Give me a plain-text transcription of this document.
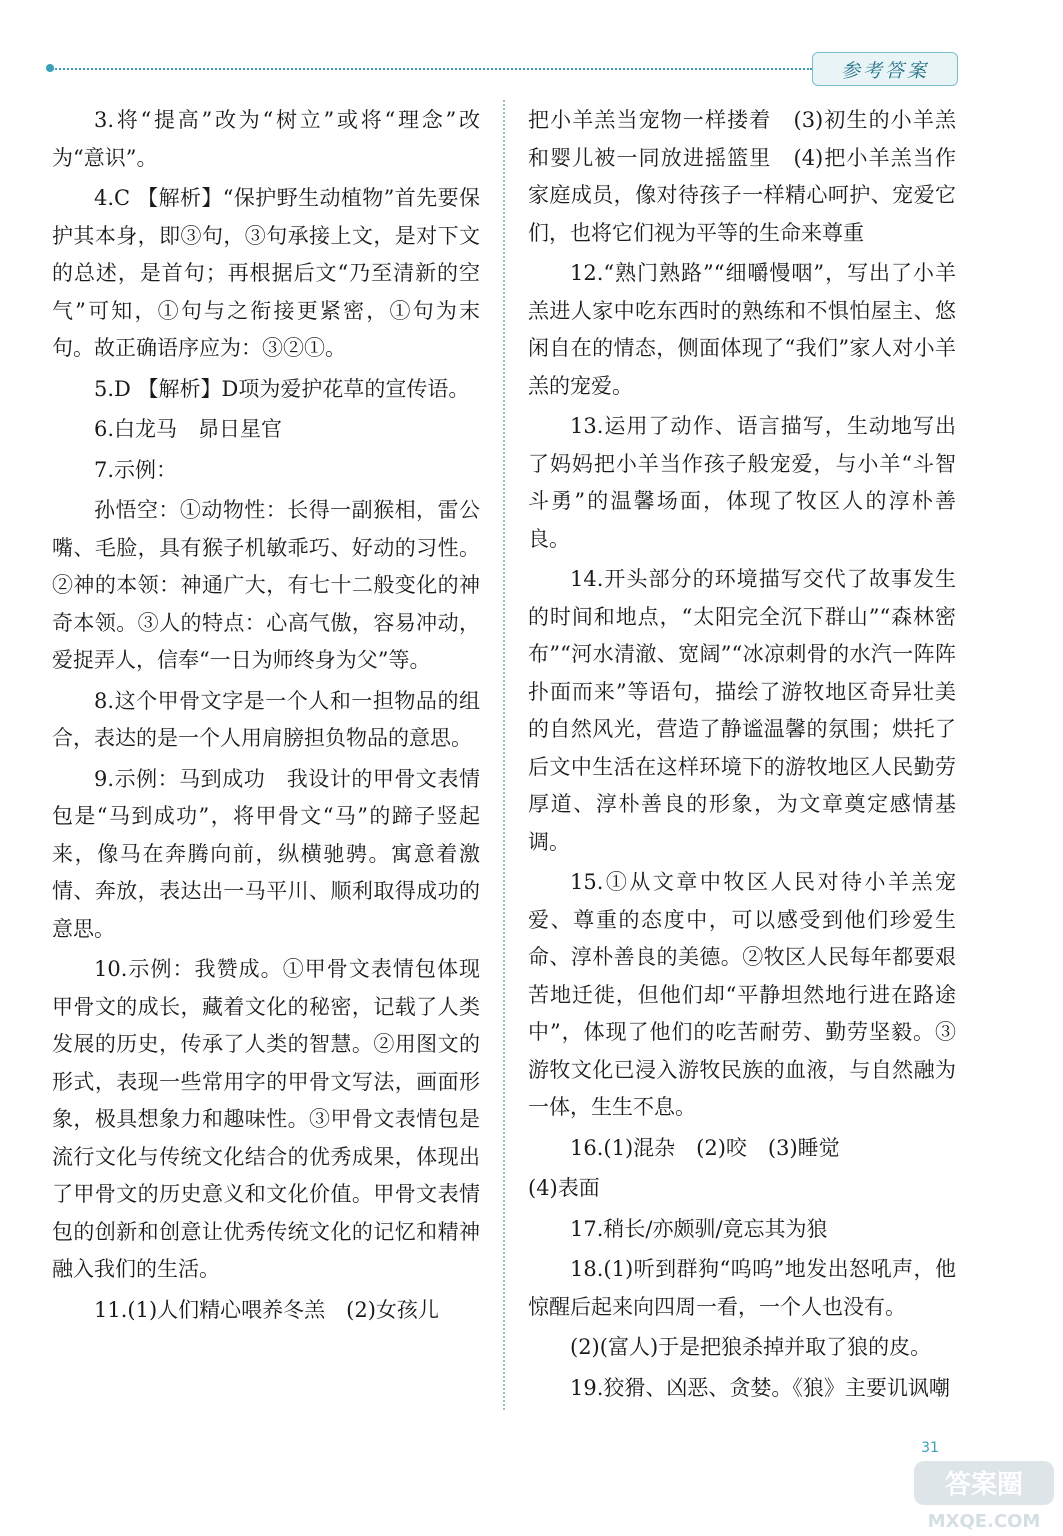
参考答案

3.将“提高”改为“树立”或将“理念”改为“意识”。

4.C 【解析】“保护野生动植物”首先要保护其本身，即③句，③句承接上文，是对下文的总述，是首句；再根据后文“乃至清新的空气”可知，①句与之衔接更紧密，①句为末句。故正确语序应为：③②①。

5.D 【解析】D项为爱护花草的宣传语。

6.白龙马　昴日星官

7.示例：

孙悟空：①动物性：长得一副猴相，雷公嘴、毛脸，具有猴子机敏乖巧、好动的习性。②神的本领：神通广大，有七十二般变化的神奇本领。③人的特点：心高气傲，容易冲动，爱捉弄人，信奉“一日为师终身为父”等。

8.这个甲骨文字是一个人和一担物品的组合，表达的是一个人用肩膀担负物品的意思。

9.示例：马到成功　我设计的甲骨文表情包是“马到成功”，将甲骨文“马”的蹄子竖起来，像马在奔腾向前，纵横驰骋。寓意着激情、奔放，表达出一马平川、顺利取得成功的意思。

10.示例：我赞成。①甲骨文表情包体现甲骨文的成长，藏着文化的秘密，记载了人类发展的历史，传承了人类的智慧。②用图文的形式，表现一些常用字的甲骨文写法，画面形象，极具想象力和趣味性。③甲骨文表情包是流行文化与传统文化结合的优秀成果，体现出了甲骨文的历史意义和文化价值。甲骨文表情包的创新和创意让优秀传统文化的记忆和精神融入我们的生活。

11.(1)人们精心喂养冬羔　(2)女孩儿

把小羊羔当宠物一样搂着　(3)初生的小羊羔和婴儿被一同放进摇篮里　(4)把小羊羔当作家庭成员，像对待孩子一样精心呵护、宠爱它们，也将它们视为平等的生命来尊重

12.“熟门熟路”“细嚼慢咽”，写出了小羊羔进人家中吃东西时的熟练和不惧怕屋主、悠闲自在的情态，侧面体现了“我们”家人对小羊羔的宠爱。

13.运用了动作、语言描写，生动地写出了妈妈把小羊当作孩子般宠爱，与小羊“斗智斗勇”的温馨场面，体现了牧区人的淳朴善良。

14.开头部分的环境描写交代了故事发生的时间和地点，“太阳完全沉下群山”“森林密布”“河水清澈、宽阔”“冰凉刺骨的水汽一阵阵扑面而来”等语句，描绘了游牧地区奇异壮美的自然风光，营造了静谧温馨的氛围；烘托了后文中生活在这样环境下的游牧地区人民勤劳厚道、淳朴善良的形象，为文章奠定感情基调。

15.①从文章中牧区人民对待小羊羔宠爱、尊重的态度中，可以感受到他们珍爱生命、淳朴善良的美德。②牧区人民每年都要艰苦地迁徙，但他们却“平静坦然地行进在路途中”，体现了他们的吃苦耐劳、勤劳坚毅。③游牧文化已浸入游牧民族的血液，与自然融为一体，生生不息。

16.(1)混杂　(2)咬　(3)睡觉

(4)表面

17.稍长/亦颇驯/竟忘其为狼

18.(1)听到群狗“呜呜”地发出怒吼声，他惊醒后起来向四周一看，一个人也没有。

(2)(富人)于是把狼杀掉并取了狼的皮。

19.狡猾、凶恶、贪婪。《狼》主要讥讽嘲

31
答案圈
MXQE.COM
